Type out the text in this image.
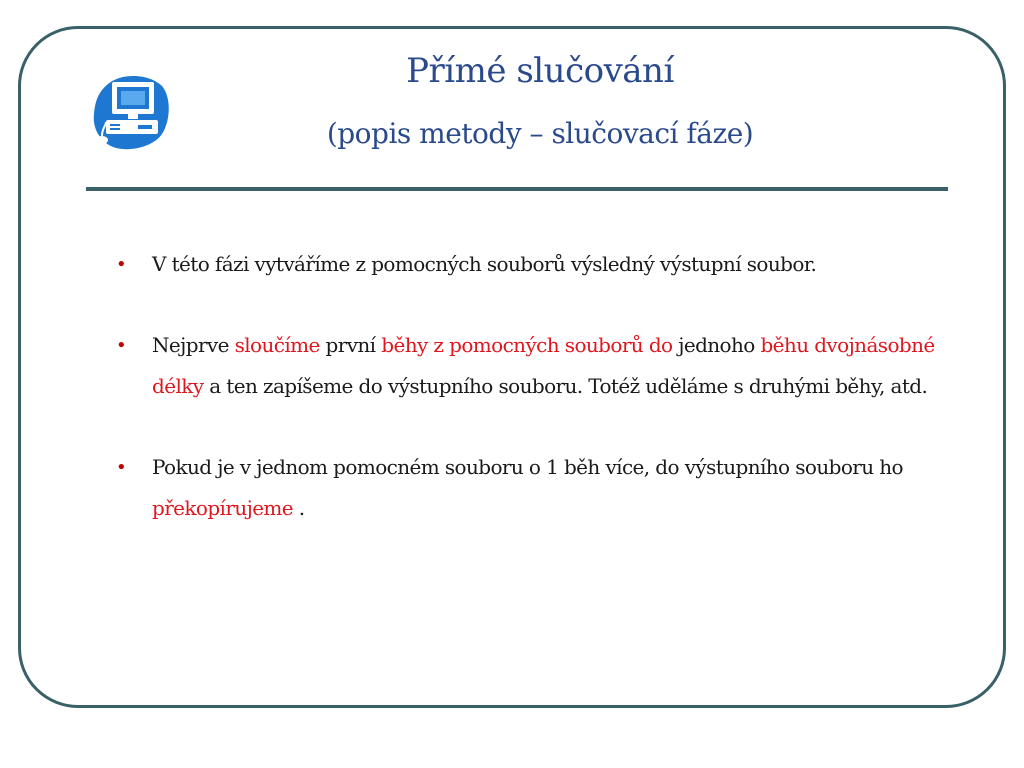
Přímé slučování
(popis metody – slučovací fáze)

• V této fázi vytváříme z pomocných souborů výsledný výstupní soubor.

• Nejprve sloučíme první běhy z pomocných souborů do jednoho běhu dvojnásobné délky a ten zapíšeme do výstupního souboru. Totéž uděláme s druhými běhy, atd.

• Pokud je v jednom pomocném souboru o 1 běh více, do výstupního souboru ho překopírujeme .
